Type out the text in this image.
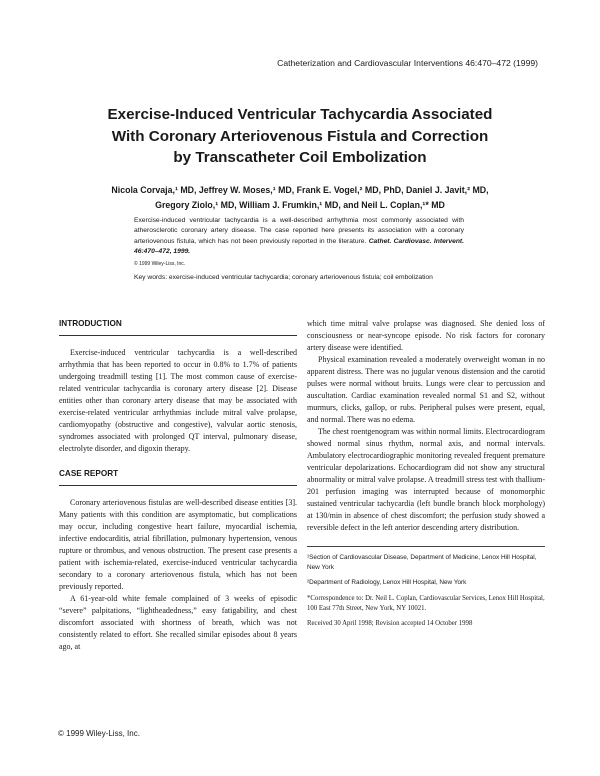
Catheterization and Cardiovascular Interventions 46:470–472 (1999)
Exercise-Induced Ventricular Tachycardia Associated
With Coronary Arteriovenous Fistula and Correction
by Transcatheter Coil Embolization
Nicola Corvaja,¹ MD, Jeffrey W. Moses,¹ MD, Frank E. Vogel,² MD, PhD, Daniel J. Javit,² MD,
Gregory Ziolo,¹ MD, William J. Frumkin,¹ MD, and Neil L. Coplan,¹* MD
Exercise-induced ventricular tachycardia is a well-described arrhythmia most commonly associated with atherosclerotic coronary artery disease. The case reported here presents its association with a coronary arteriovenous fistula, which has not been previously reported in the literature. Cathet. Cardiovasc. Intervent. 46:470–472, 1999.
© 1999 Wiley-Liss, Inc.
Key words: exercise-induced ventricular tachycardia; coronary arteriovenous fistula; coil embolization
INTRODUCTION

Exercise-induced ventricular tachycardia is a well-described arrhythmia that has been reported to occur in 0.8% to 1.7% of patients undergoing treadmill testing [1]. The most common cause of exercise-related ventricular tachycardia is coronary artery disease [2]. Disease entities other than coronary artery disease that may be associated with exercise-related ventricular arrhythmias include mitral valve prolapse, cardiomyopathy (obstructive and congestive), valvular aortic stenosis, syndromes associated with prolonged QT interval, pulmonary disease, electrolyte disorder, and digoxin therapy.

CASE REPORT

Coronary arteriovenous fistulas are well-described disease entities [3]. Many patients with this condition are asymptomatic, but complications may occur, including congestive heart failure, myocardial ischemia, infective endocarditis, atrial fibrillation, pulmonary hypertension, venous rupture or thrombus, and venous obstruction. The present case presents a patient with ischemia-related, exercise-induced ventricular tachycardia secondary to a coronary arteriovenous fistula, which has not been previously reported.

A 61-year-old white female complained of 3 weeks of episodic “severe” palpitations, “lightheadedness,” easy fatigability, and chest discomfort associated with shortness of breath, which was not consistently related to effort. She recalled similar episodes about 8 years ago, at

which time mitral valve prolapse was diagnosed. She denied loss of consciousness or near-syncope episode. No risk factors for coronary artery disease were identified.

Physical examination revealed a moderately overweight woman in no apparent distress. There was no jugular venous distension and the carotid pulses were normal without bruits. Lungs were clear to percussion and auscultation. Cardiac examination revealed normal S1 and S2, without murmurs, clicks, gallop, or rubs. Peripheral pulses were present, equal, and normal. There was no edema.

The chest roentgenogram was within normal limits. Electrocardiogram showed normal sinus rhythm, normal axis, and normal intervals. Ambulatory electrocardiographic monitoring revealed frequent premature ventricular depolarizations. Echocardiogram did not show any structural abnormality or mitral valve prolapse. A treadmill stress test with thallium-201 perfusion imaging was interrupted because of monomorphic sustained ventricular tachycardia (left bundle branch block morphology) at 130/min in absence of chest discomfort; the perfusion study showed a reversible defect in the left anterior descending artery distribution.

¹Section of Cardiovascular Disease, Department of Medicine, Lenox Hill Hospital, New York
²Department of Radiology, Lenox Hill Hospital, New York
*Correspondence to: Dr. Neil L. Coplan, Cardiovascular Services, Lenox Hill Hospital, 100 East 77th Street, New York, NY 10021.
Received 30 April 1998; Revision accepted 14 October 1998
© 1999 Wiley-Liss, Inc.
